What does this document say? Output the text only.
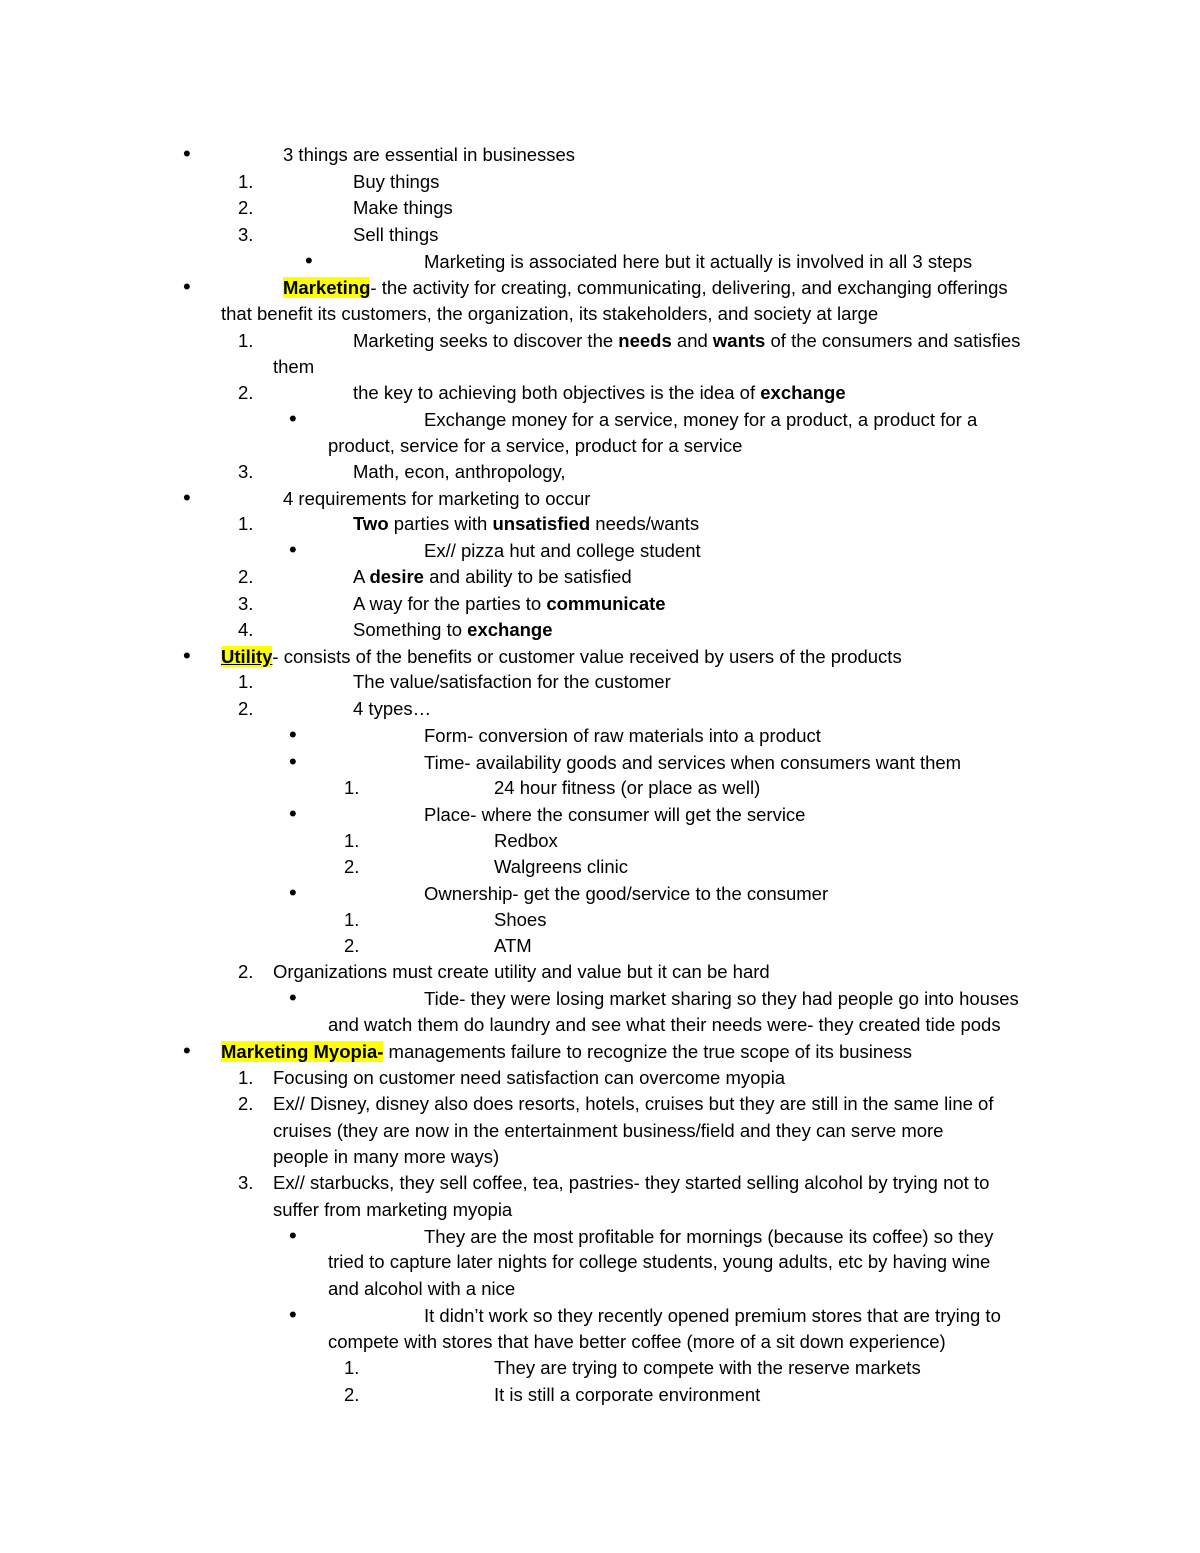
•	3 things are essential in businesses
1.	Buy things
2.	Make things
3.	Sell things
•	Marketing is associated here but it actually is involved in all 3 steps
•	Marketing- the activity for creating, communicating, delivering, and exchanging offerings
that benefit its customers, the organization, its stakeholders, and society at large
1.	Marketing seeks to discover the needs and wants of the consumers and satisfies
them
2.	the key to achieving both objectives is the idea of exchange
•	Exchange money for a service, money for a product, a product for a
product, service for a service, product for a service
3.	Math, econ, anthropology,
•	4 requirements for marketing to occur
1.	Two parties with unsatisfied needs/wants
•	Ex// pizza hut and college student
2.	A desire and ability to be satisfied
3.	A way for the parties to communicate
4.	Something to exchange
• Utility- consists of the benefits or customer value received by users of the products
1.	The value/satisfaction for the customer
2.	4 types…
•	Form- conversion of raw materials into a product
•	Time- availability goods and services when consumers want them
1.	24 hour fitness (or place as well)
•	Place- where the consumer will get the service
1.	Redbox
2.	Walgreens clinic
•	Ownership- get the good/service to the consumer
1.	Shoes
2.	ATM
2. Organizations must create utility and value but it can be hard
•	Tide- they were losing market sharing so they had people go into houses
and watch them do laundry and see what their needs were- they created tide pods
• Marketing Myopia- managements failure to recognize the true scope of its business
1. Focusing on customer need satisfaction can overcome myopia
2. Ex// Disney, disney also does resorts, hotels, cruises but they are still in the same line of
cruises (they are now in the entertainment business/field and they can serve more
people in many more ways)
3. Ex// starbucks, they sell coffee, tea, pastries- they started selling alcohol by trying not to
suffer from marketing myopia
•	They are the most profitable for mornings (because its coffee) so they
tried to capture later nights for college students, young adults, etc by having wine
and alcohol with a nice
•	It didn’t work so they recently opened premium stores that are trying to
compete with stores that have better coffee (more of a sit down experience)
1.	They are trying to compete with the reserve markets
2.	It is still a corporate environment
